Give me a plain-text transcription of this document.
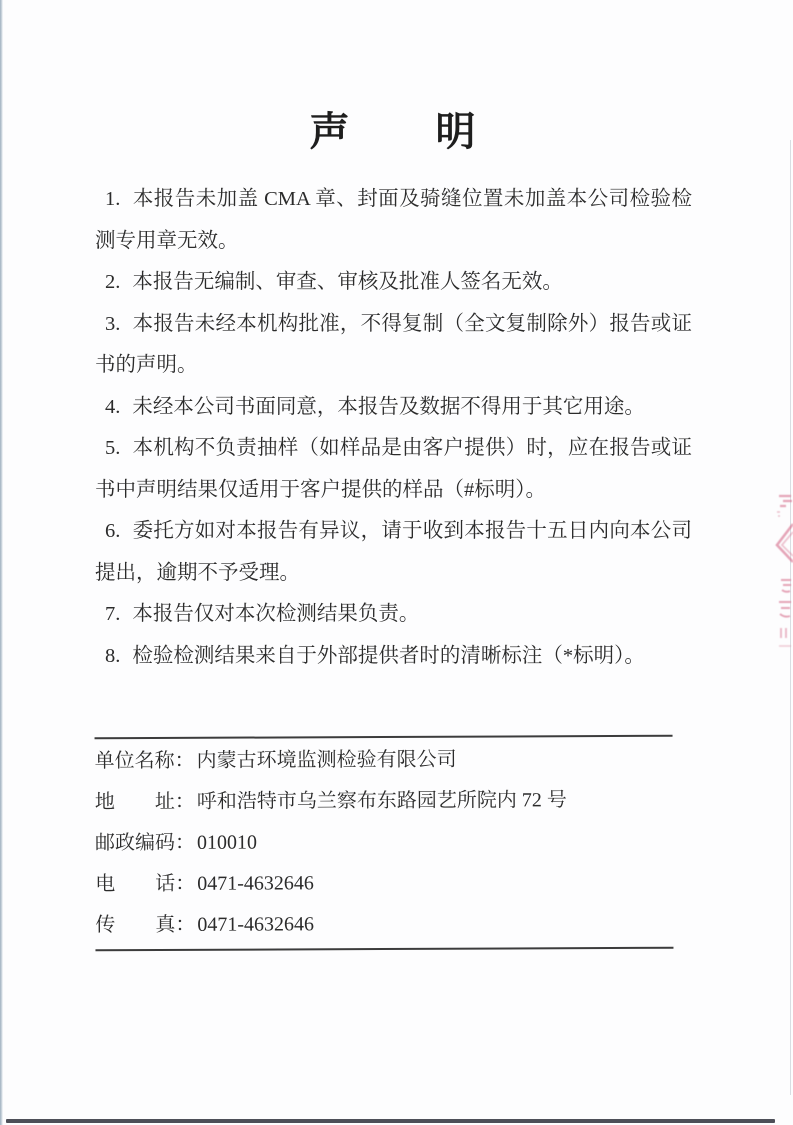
声　　明

1. 本报告未加盖 CMA 章、封面及骑缝位置未加盖本公司检验检测专用章无效。

2. 本报告无编制、审查、审核及批准人签名无效。

3. 本报告未经本机构批准，不得复制（全文复制除外）报告或证书的声明。

4. 未经本公司书面同意，本报告及数据不得用于其它用途。

5. 本机构不负责抽样（如样品是由客户提供）时，应在报告或证书中声明结果仅适用于客户提供的样品（#标明）。

6. 委托方如对本报告有异议，请于收到本报告十五日内向本公司提出，逾期不予受理。

7. 本报告仅对本次检测结果负责。

8. 检验检测结果来自于外部提供者时的清晰标注（*标明）。

单位名称： 内蒙古环境监测检验有限公司
地　　址： 呼和浩特市乌兰察布东路园艺所院内 72 号
邮政编码： 010010
电　　话： 0471-4632646
传　　真： 0471-4632646
